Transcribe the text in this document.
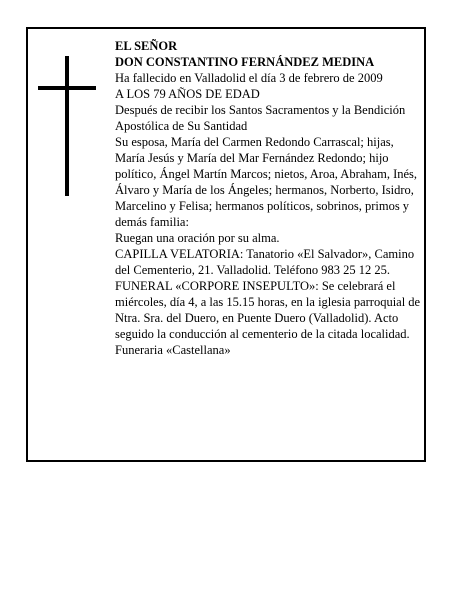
EL SEÑOR

DON CONSTANTINO FERNÁNDEZ MEDINA

Ha fallecido en Valladolid el día 3 de febrero de 2009

A LOS 79 AÑOS DE EDAD

Después de recibir los Santos Sacramentos y la Bendición Apostólica de Su Santidad

Su esposa, María del Carmen Redondo Carrascal; hijas, María Jesús y María del Mar Fernández Redondo; hijo político, Ángel Martín Marcos; nietos, Aroa, Abraham, Inés, Álvaro y María de los Ángeles; hermanos, Norberto, Isidro, Marcelino y Felisa; hermanos políticos, sobrinos, primos y demás familia:

Ruegan una oración por su alma.

CAPILLA VELATORIA: Tanatorio «El Salvador», Camino del Cementerio, 21. Valladolid. Teléfono 983 25 12 25.

FUNERAL «CORPORE INSEPULTO»: Se celebrará el miércoles, día 4, a las 15.15 horas, en la iglesia parroquial de Ntra. Sra. del Duero, en Puente Duero (Valladolid). Acto seguido la conducción al cementerio de la citada localidad.

Funeraria «Castellana»
